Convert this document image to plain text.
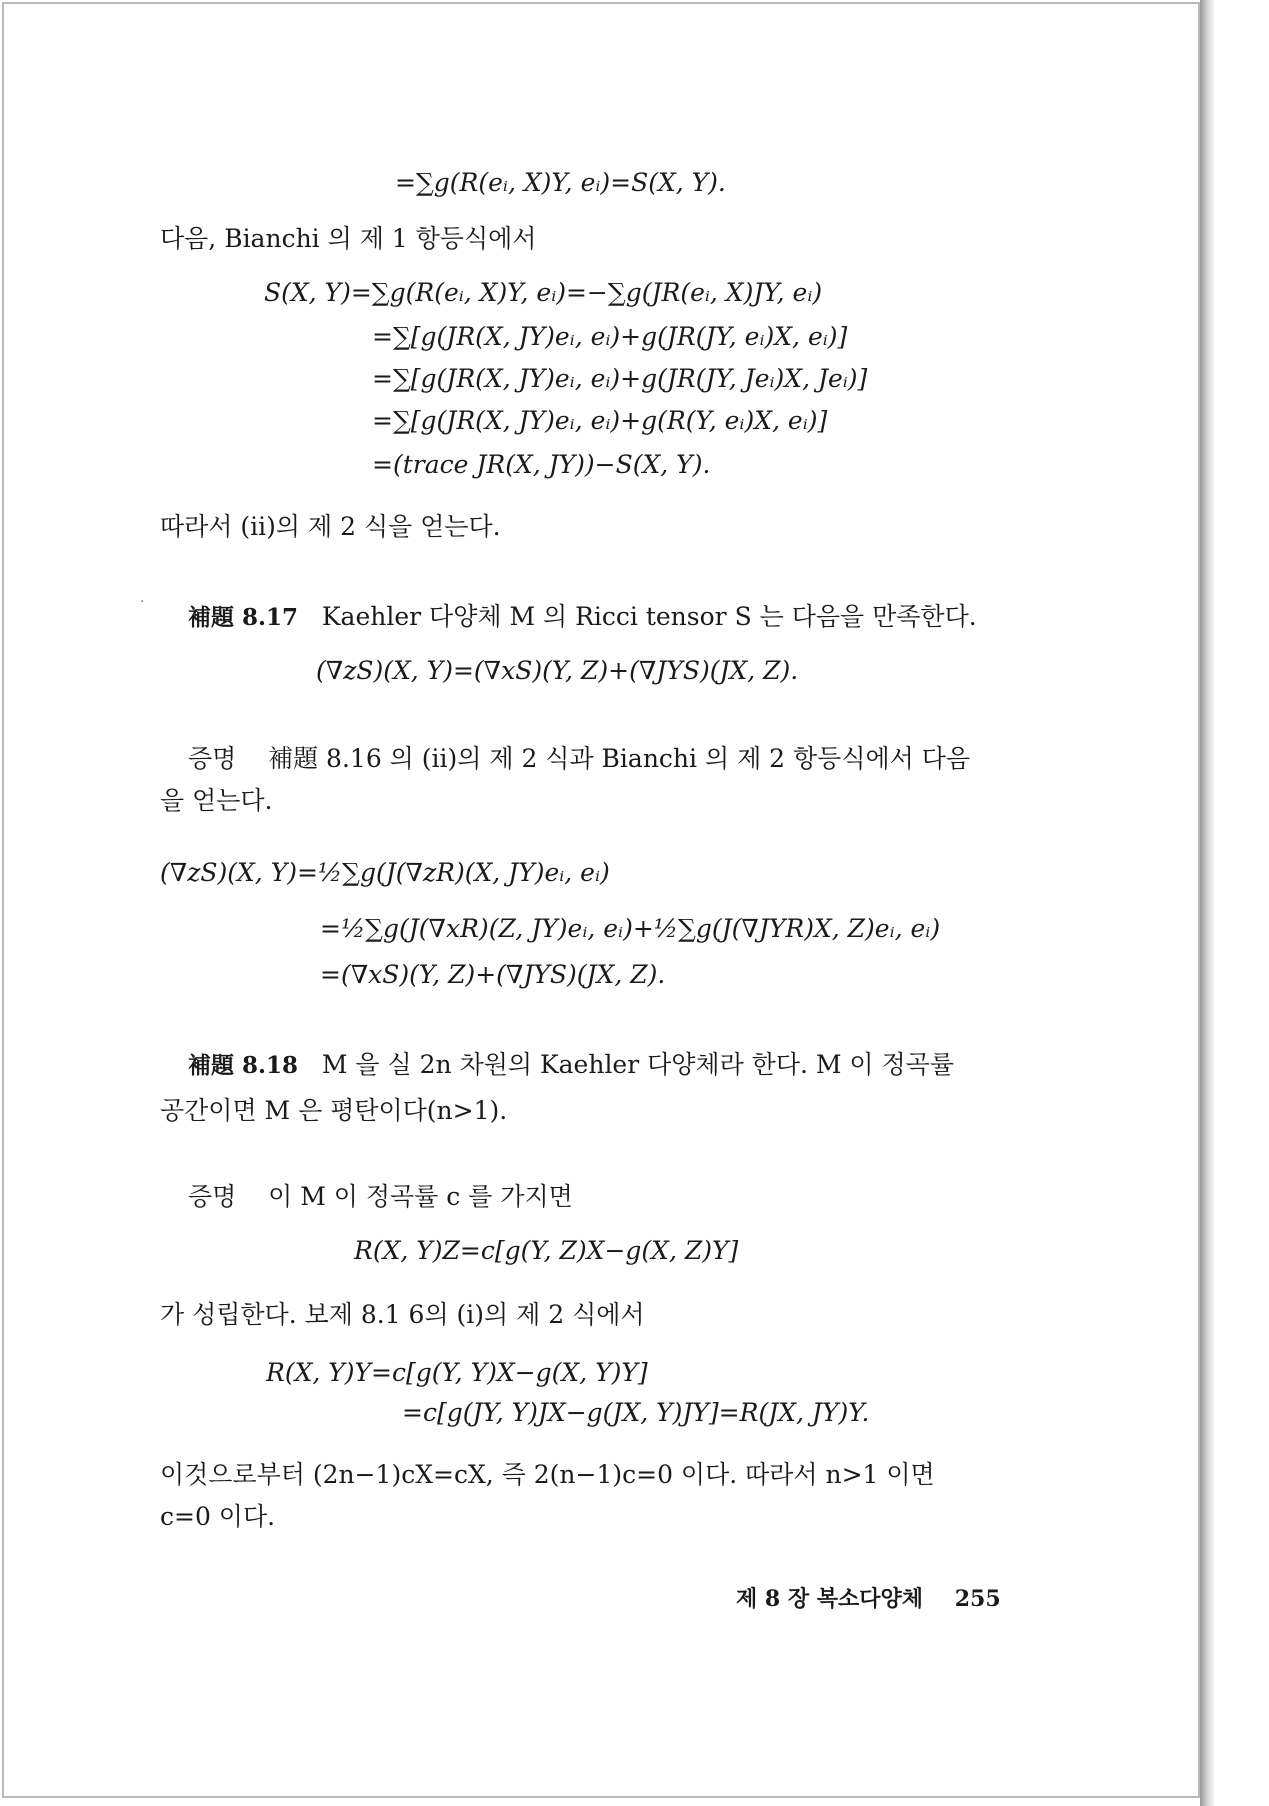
=∑g(R(eᵢ, X)Y, eᵢ)=S(X, Y).
다음, Bianchi 의 제 1 항등식에서
S(X, Y)=∑g(R(eᵢ, X)Y, eᵢ)=−∑g(JR(eᵢ, X)JY, eᵢ)
=∑[g(JR(X, JY)eᵢ, eᵢ)+g(JR(JY, eᵢ)X, eᵢ)]
=∑[g(JR(X, JY)eᵢ, eᵢ)+g(JR(JY, Jeᵢ)X, Jeᵢ)]
=∑[g(JR(X, JY)eᵢ, eᵢ)+g(R(Y, eᵢ)X, eᵢ)]
=(trace JR(X, JY))−S(X, Y).
따라서 (ii)의 제 2 식을 얻는다.
·
補題 8.17 Kaehler 다양체 M 의 Ricci tensor S 는 다음을 만족한다.
(∇zS)(X, Y)=(∇xS)(Y, Z)+(∇JYS)(JX, Z).
증명 補題 8.16 의 (ii)의 제 2 식과 Bianchi 의 제 2 항등식에서 다음
을 얻는다.
(∇zS)(X, Y)=½∑g(J(∇zR)(X, JY)eᵢ, eᵢ)
=½∑g(J(∇xR)(Z, JY)eᵢ, eᵢ)+½∑g(J(∇JYR)X, Z)eᵢ, eᵢ)
=(∇xS)(Y, Z)+(∇JYS)(JX, Z).
補題 8.18 M 을 실 2n 차원의 Kaehler 다양체라 한다. M 이 정곡률
공간이면 M 은 평탄이다(n>1).
증명 이 M 이 정곡률 c 를 가지면
R(X, Y)Z=c[g(Y, Z)X−g(X, Z)Y]
가 성립한다. 보제 8.1 6의 (i)의 제 2 식에서
R(X, Y)Y=c[g(Y, Y)X−g(X, Y)Y]
=c[g(JY, Y)JX−g(JX, Y)JY]=R(JX, JY)Y.
이것으로부터 (2n−1)cX=cX, 즉 2(n−1)c=0 이다. 따라서 n>1 이면
c=0 이다.
제 8 장 복소다양체 255
